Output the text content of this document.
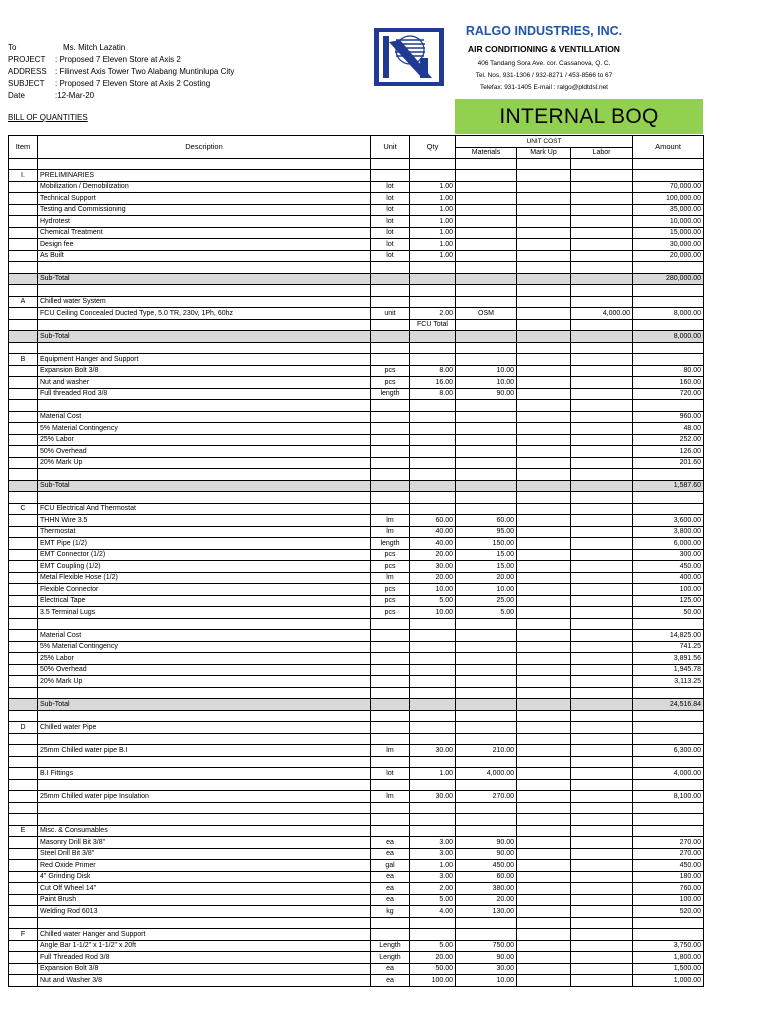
To	Ms. Mitch Lazatin
PROJECT	: Proposed 7 Eleven Store at Axis 2
ADDRESS	: Filinvest Axis Tower Two Alabang Muntinlupa City
SUBJECT	: Proposed 7 Eleven Store at Axis 2 Costing
Date	:12-Mar-20
BILL OF QUANTITIES
RALGO INDUSTRIES, INC.
AIR CONDITIONING & VENTILLATION
406 Tandang Sora Ave. cor. Cassanova, Q. C.
Tel. Nos. 931-1306 / 932-8271 / 453-8566 to 67
Telefax: 931-1405 E-mail : ralgo@pldtdsl.net
INTERNAL BOQ
Item	Description	Unit	Qty	UNIT COST			Amount
				Materials	Mark Up	Labor	

I.	PRELIMINARIES						
	Mobilization / Demobilization	lot	1.00				70,000.00
	Technical Support	lot	1.00				100,000.00
	Testing and Commissioning	lot	1.00				35,000.00
	Hydrotest	lot	1.00				10,000.00
	Chemical Treatment	lot	1.00				15,000.00
	Design fee	lot	1.00				30,000.00
	As Built	lot	1.00				20,000.00

	Sub-Total						280,000.00

A	Chilled water System						
	FCU Ceiling Concealed Ducted Type, 5.0 TR, 230v, 1Ph, 60hz	unit	2.00	OSM		4,000.00	8,000.00
			FCU Total				
	Sub-Total						8,000.00

B	Equipment Hanger and Support						
	Expansion Bolt 3/8	pcs	8.00	10.00			80.00
	Nut and washer	pcs	16.00	10.00			160.00
	Full threaded Rod 3/8	length	8.00	90.00			720.00

	Material Cost						960.00
	5% Material Contingency						48.00
	25% Labor						252.00
	50% Overhead						126.00
	20% Mark Up						201.60

	Sub-Total						1,587.60

C	FCU Electrical And Thermostat						
	THHN Wire 3.5	lm	60.00	60.00			3,600.00
	Thermostat	lm	40.00	95.00			3,800.00
	EMT Pipe (1/2)	length	40.00	150.00			6,000.00
	EMT Connector (1/2)	pcs	20.00	15.00			300.00
	EMT Coupling (1/2)	pcs	30.00	15.00			450.00
	Metal Flexible Hose (1/2)	lm	20.00	20.00			400.00
	Flexible Connector	pcs	10.00	10.00			100.00
	Electrical Tape	pcs	5.00	25.00			125.00
	3.5 Terminal Lugs	pcs	10.00	5.00			50.00

	Material Cost						14,825.00
	5% Material Contingency						741.25
	25% Labor						3,891.56
	50% Overhead						1,945.78
	20% Mark Up						3,113.25

	Sub-Total						24,516.84

D	Chilled water Pipe						

	25mm Chilled water pipe B.I	lm	30.00	210.00			6,300.00

	B.I Fittings	lot	1.00	4,000.00			4,000.00

	25mm Chilled water pipe Insulation	lm	30.00	270.00			8,100.00

E	Misc. & Consumables						
	Masonry Drill Bit 3/8"	ea	3.00	90.00			270.00
	Steel Drill Bit 3/8"	ea	3.00	90.00			270.00
	Red Oxide Primer	gal	1.00	450.00			450.00
	4" Grinding Disk	ea	3.00	60.00			180.00
	Cut Off Wheel 14"	ea	2.00	380.00			760.00
	Paint Brush	ea	5.00	20.00			100.00
	Welding Rod 6013	kg	4.00	130.00			520.00

F	Chilled water Hanger and Support						
	Angle Bar 1-1/2" x 1-1/2" x 20ft	Length	5.00	750.00			3,750.00
	Full Threaded Rod 3/8	Length	20.00	90.00			1,800.00
	Expansion Bolt 3/8	ea	50.00	30.00			1,500.00
	Nut and Washer 3/8	ea	100.00	10.00			1,000.00
